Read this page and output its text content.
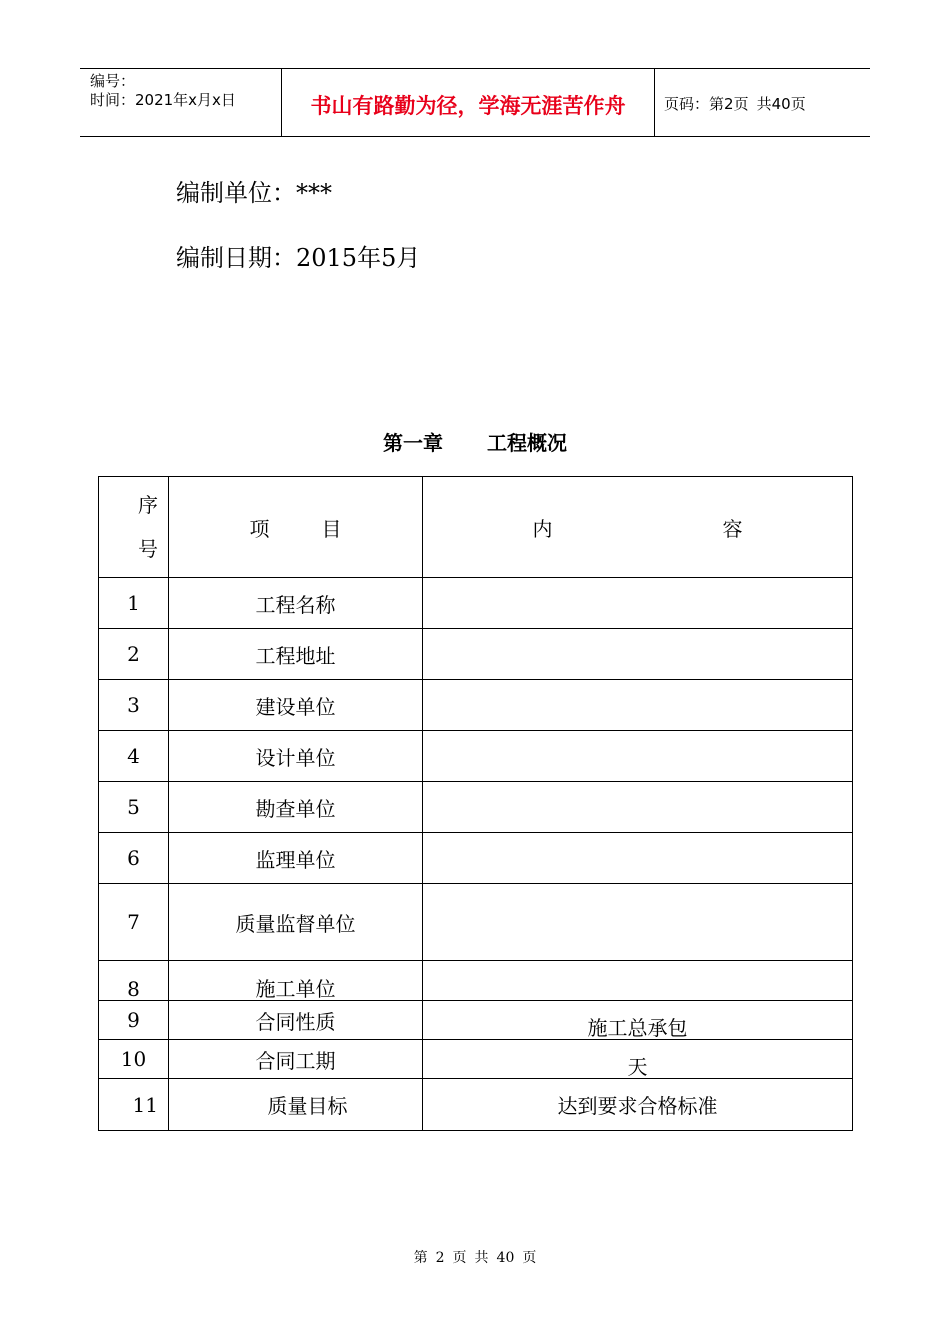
编号：
时间：2021年x月x日	书山有路勤为径，学海无涯苦作舟	页码：第2页 共40页
编制单位：***
编制日期：2015年5月
第一章 工程概况
序
号	项 目	内 容
1	工程名称	
2	工程地址	
3	建设单位	
4	设计单位	
5	勘查单位	
6	监理单位	
7	质量监督单位	
8	施工单位	
9	合同性质	施工总承包
10	合同工期	天
11	质量目标	达到要求合格标准
第 2 页 共 40 页
